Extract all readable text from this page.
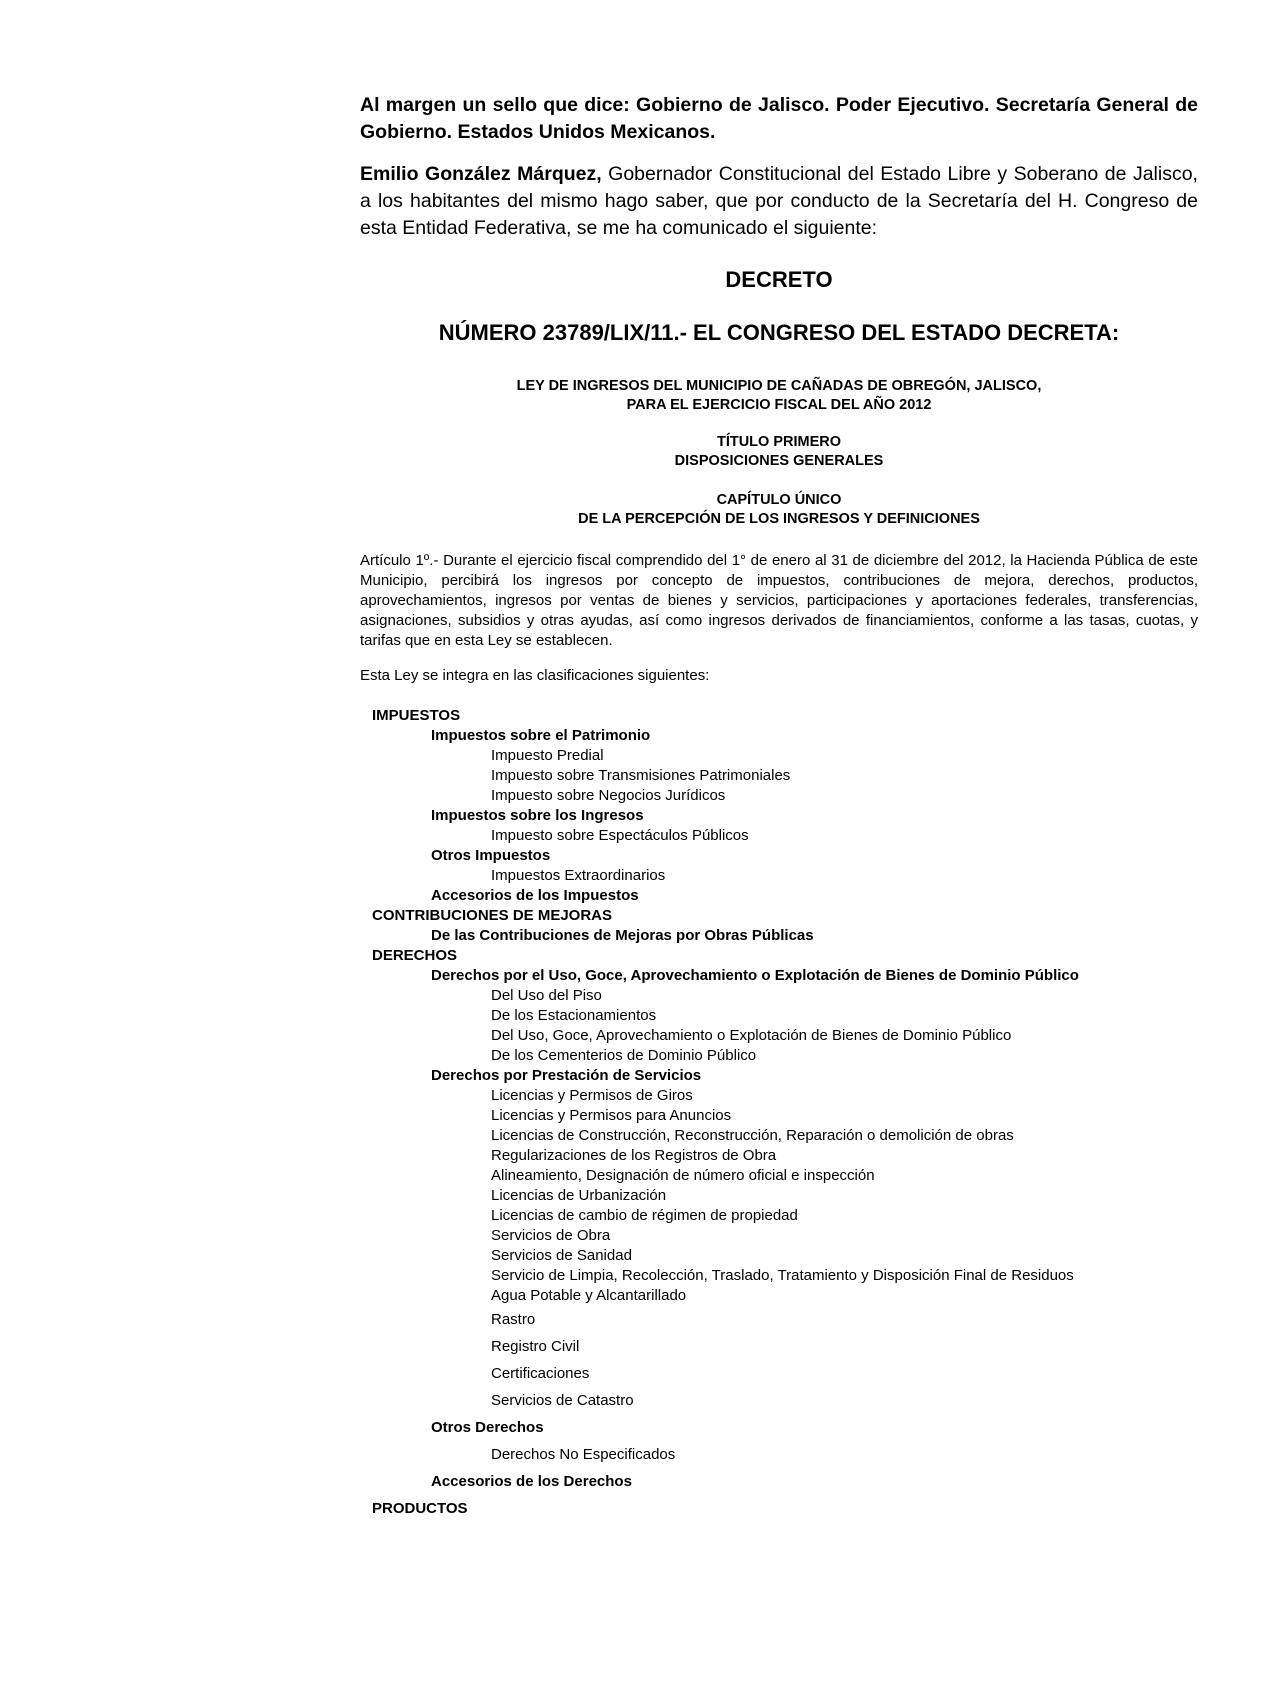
Al margen un sello que dice: Gobierno de Jalisco. Poder Ejecutivo. Secretaría General de Gobierno. Estados Unidos Mexicanos.

Emilio González Márquez, Gobernador Constitucional del Estado Libre y Soberano de Jalisco, a los habitantes del mismo hago saber, que por conducto de la Secretaría del H. Congreso de esta Entidad Federativa, se me ha comunicado el siguiente:

DECRETO

NÚMERO 23789/LIX/11.- EL CONGRESO DEL ESTADO DECRETA:

LEY DE INGRESOS DEL MUNICIPIO DE CAÑADAS DE OBREGÓN, JALISCO,

PARA EL EJERCICIO FISCAL DEL AÑO 2012

TÍTULO PRIMERO

DISPOSICIONES GENERALES

CAPÍTULO ÚNICO

DE LA PERCEPCIÓN DE LOS INGRESOS Y DEFINICIONES

Artículo 1º.- Durante el ejercicio fiscal comprendido del 1° de enero al 31 de diciembre del 2012, la Hacienda Pública de este Municipio, percibirá los ingresos por concepto de impuestos, contribuciones de mejora, derechos, productos, aprovechamientos, ingresos por ventas de bienes y servicios, participaciones y aportaciones federales, transferencias, asignaciones, subsidios y otras ayudas, así como ingresos derivados de financiamientos, conforme a las tasas, cuotas, y tarifas que en esta Ley se establecen.

Esta Ley se integra en las clasificaciones siguientes:

IMPUESTOS
Impuestos sobre el Patrimonio
Impuesto Predial
Impuesto sobre Transmisiones Patrimoniales
Impuesto sobre Negocios Jurídicos
Impuestos sobre los Ingresos
Impuesto sobre Espectáculos Públicos
Otros Impuestos
Impuestos Extraordinarios
Accesorios de los Impuestos
CONTRIBUCIONES DE MEJORAS
De las Contribuciones de Mejoras por Obras Públicas
DERECHOS
Derechos por el Uso, Goce, Aprovechamiento o Explotación de Bienes de Dominio Público
Del Uso del Piso
De los Estacionamientos
Del Uso, Goce, Aprovechamiento o Explotación de Bienes de Dominio Público
De los Cementerios de Dominio Público
Derechos por Prestación de Servicios
Licencias y Permisos de Giros
Licencias y Permisos para Anuncios
Licencias de Construcción, Reconstrucción, Reparación o demolición de obras
Regularizaciones de los Registros de Obra
Alineamiento, Designación de número oficial e inspección
Licencias de Urbanización
Licencias de cambio de régimen de propiedad
Servicios de Obra
Servicios de Sanidad
Servicio de Limpia, Recolección, Traslado, Tratamiento y Disposición Final de Residuos
Agua Potable y Alcantarillado
Rastro
Registro Civil
Certificaciones
Servicios de Catastro
Otros Derechos
Derechos No Especificados
Accesorios de los Derechos
PRODUCTOS
